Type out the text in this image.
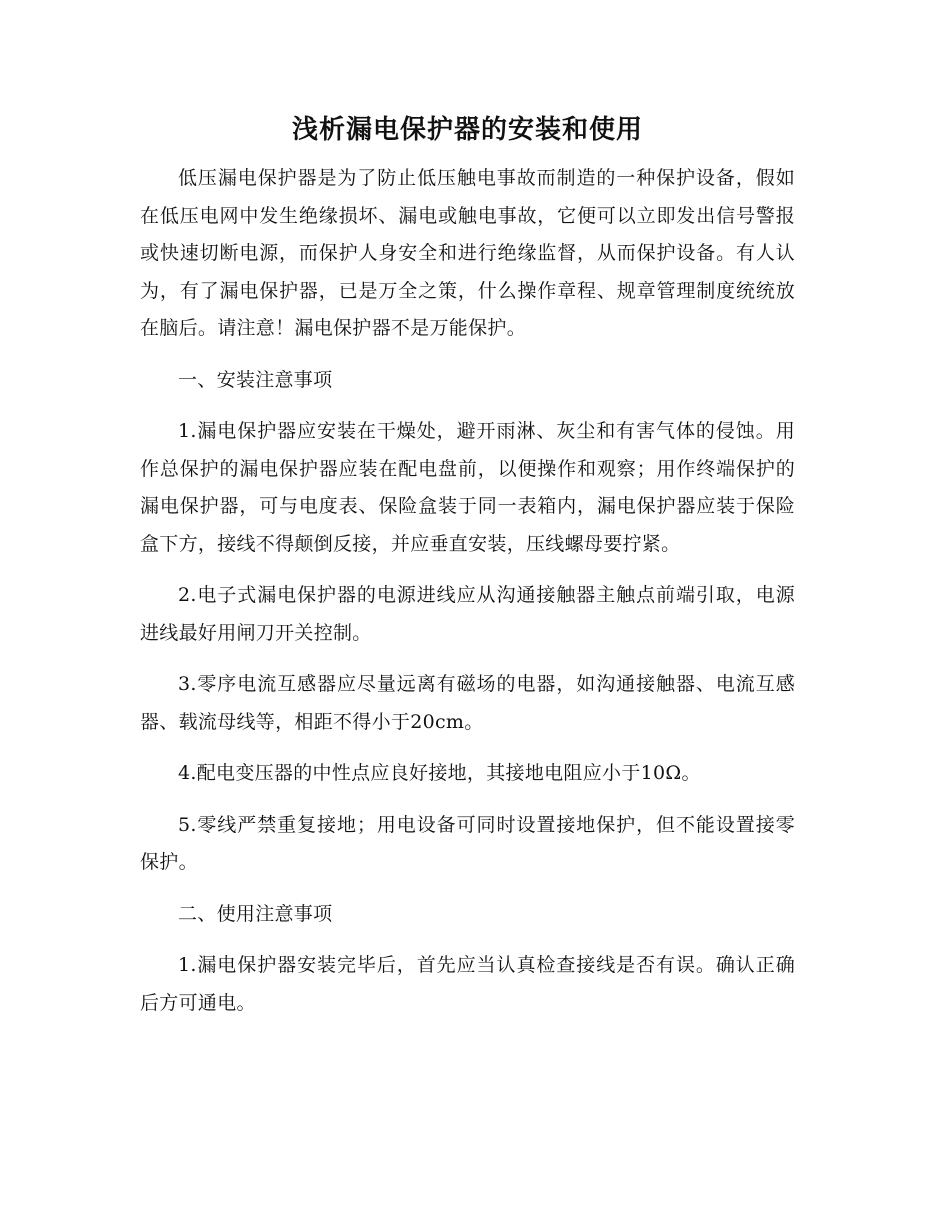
浅析漏电保护器的安装和使用

低压漏电保护器是为了防止低压触电事故而制造的一种保护设备，假如在低压电网中发生绝缘损坏、漏电或触电事故，它便可以立即发出信号警报或快速切断电源，而保护人身安全和进行绝缘监督，从而保护设备。有人认为，有了漏电保护器，已是万全之策，什么操作章程、规章管理制度统统放在脑后。请注意！漏电保护器不是万能保护。

一、安装注意事项

1.漏电保护器应安装在干燥处，避开雨淋、灰尘和有害气体的侵蚀。用作总保护的漏电保护器应装在配电盘前，以便操作和观察；用作终端保护的漏电保护器，可与电度表、保险盒装于同一表箱内，漏电保护器应装于保险盒下方，接线不得颠倒反接，并应垂直安装，压线螺母要拧紧。

2.电子式漏电保护器的电源进线应从沟通接触器主触点前端引取，电源进线最好用闸刀开关控制。

3.零序电流互感器应尽量远离有磁场的电器，如沟通接触器、电流互感器、载流母线等，相距不得小于20cm。

4.配电变压器的中性点应良好接地，其接地电阻应小于10Ω。

5.零线严禁重复接地；用电设备可同时设置接地保护，但不能设置接零保护。

二、使用注意事项

1.漏电保护器安装完毕后，首先应当认真检查接线是否有误。确认正确后方可通电。
